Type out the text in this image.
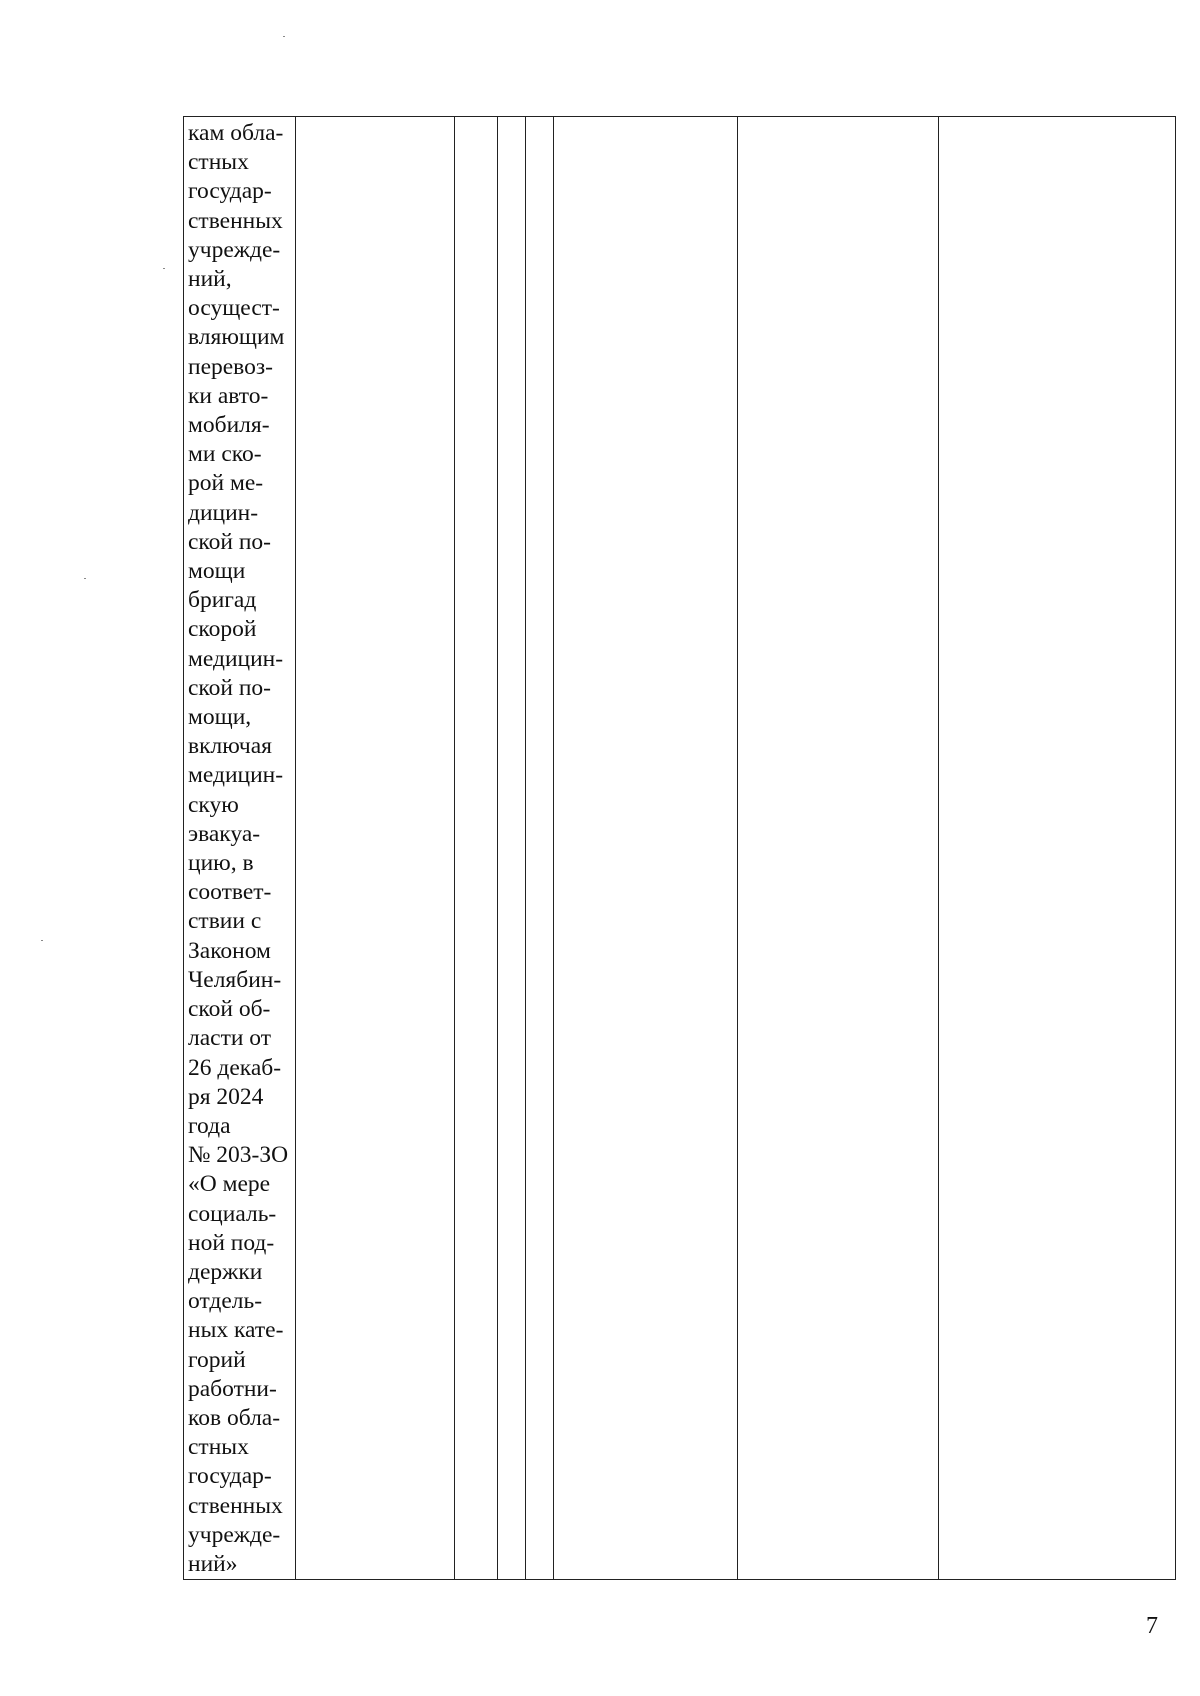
кам обла-
стных
государ-
ственных
учрежде-
ний,
осущест-
вляющим
перевоз-
ки авто-
мобиля-
ми ско-
рой ме-
дицин-
ской по-
мощи
бригад
скорой
медицин-
ской по-
мощи,
включая
медицин-
скую
эвакуа-
цию, в
соответ-
ствии с
Законом
Челябин-
ской об-
ласти от
26 декаб-
ря 2024
года
№ 203-ЗО
«О мере
социаль-
ной под-
держки
отдель-
ных кате-
горий
работни-
ков обла-
стных
государ-
ственных
учрежде-
ний»

7
